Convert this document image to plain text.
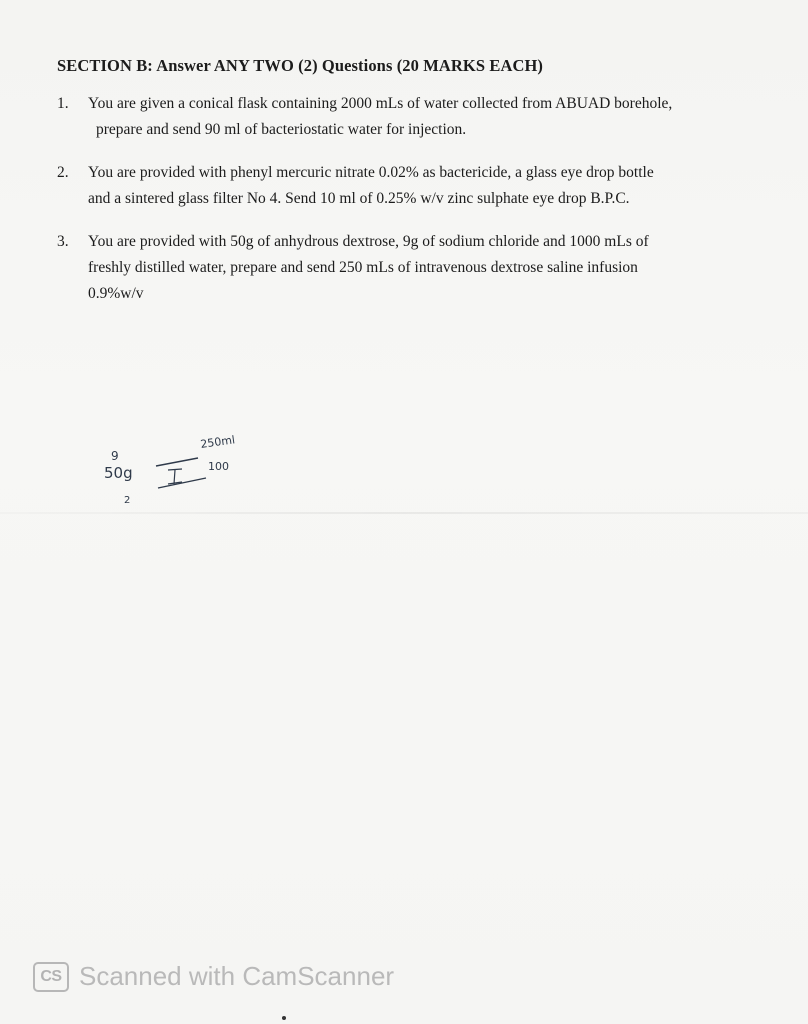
SECTION B: Answer ANY TWO (2) Questions (20 MARKS EACH)
1. You are given a conical flask containing 2000 mLs of water collected from ABUAD borehole,
prepare and send 90 ml of bacteriostatic water for injection.
2. You are provided with phenyl mercuric nitrate 0.02% as bactericide, a glass eye drop bottle
and a sintered glass filter No 4. Send 10 ml of 0.25% w/v zinc sulphate eye drop B.P.C.
3. You are provided with 50g of anhydrous dextrose, 9g of sodium chloride and 1000 mLs of
freshly distilled water, prepare and send 250 mLs of intravenous dextrose saline infusion
0.9%w/v
9
50g
2
250ml
100
CS Scanned with CamScanner
